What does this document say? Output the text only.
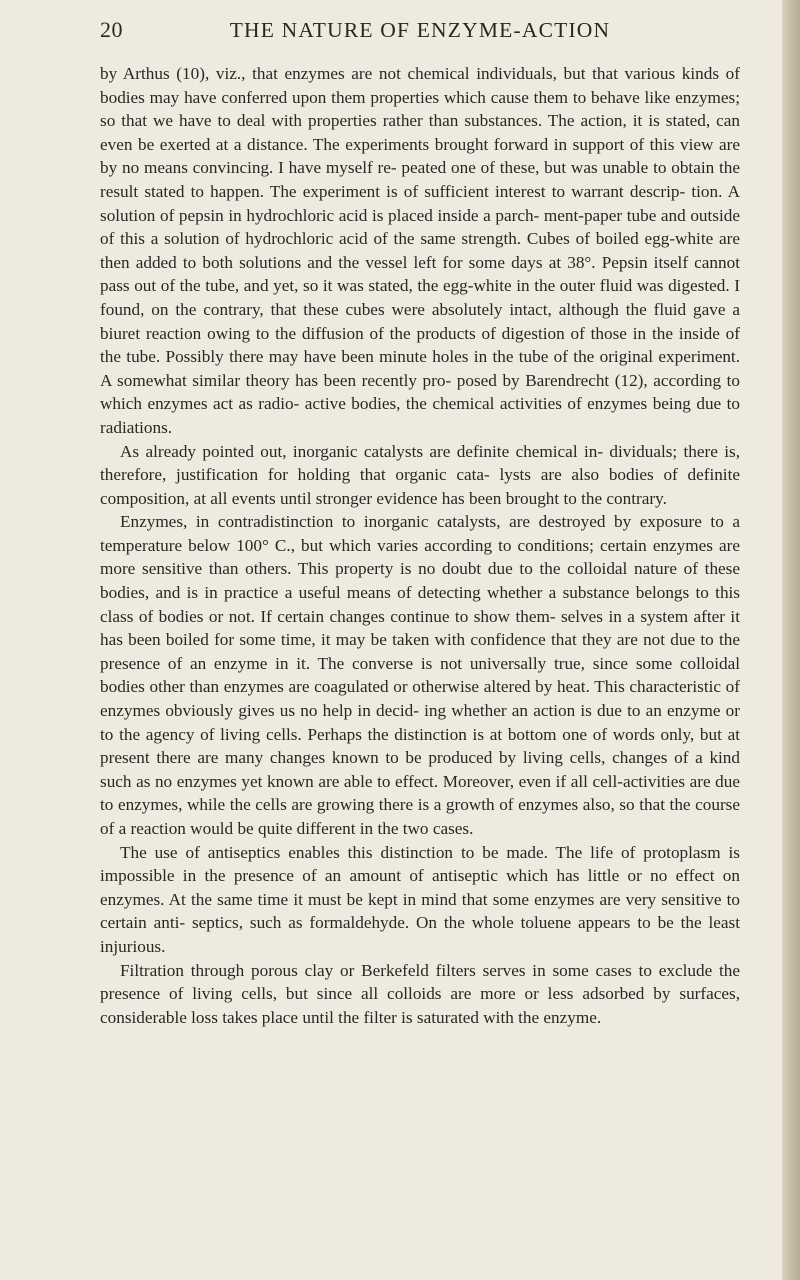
20	THE NATURE OF ENZYME-ACTION

by Arthus (10), viz., that enzymes are not chemical individuals, but that various kinds of bodies may have conferred upon them properties which cause them to behave like enzymes; so that we have to deal with properties rather than substances. The action, it is stated, can even be exerted at a distance. The experiments brought forward in support of this view are by no means convincing. I have myself re- peated one of these, but was unable to obtain the result stated to happen. The experiment is of sufficient interest to warrant descrip- tion. A solution of pepsin in hydrochloric acid is placed inside a parch- ment-paper tube and outside of this a solution of hydrochloric acid of the same strength. Cubes of boiled egg-white are then added to both solutions and the vessel left for some days at 38°. Pepsin itself cannot pass out of the tube, and yet, so it was stated, the egg-white in the outer fluid was digested. I found, on the contrary, that these cubes were absolutely intact, although the fluid gave a biuret reaction owing to the diffusion of the products of digestion of those in the inside of the tube. Possibly there may have been minute holes in the tube of the original experiment. A somewhat similar theory has been recently pro- posed by Barendrecht (12), according to which enzymes act as radio- active bodies, the chemical activities of enzymes being due to radiations.

As already pointed out, inorganic catalysts are definite chemical in- dividuals; there is, therefore, justification for holding that organic cata- lysts are also bodies of definite composition, at all events until stronger evidence has been brought to the contrary.

Enzymes, in contradistinction to inorganic catalysts, are destroyed by exposure to a temperature below 100° C., but which varies according to conditions; certain enzymes are more sensitive than others. This property is no doubt due to the colloidal nature of these bodies, and is in practice a useful means of detecting whether a substance belongs to this class of bodies or not. If certain changes continue to show them- selves in a system after it has been boiled for some time, it may be taken with confidence that they are not due to the presence of an enzyme in it. The converse is not universally true, since some colloidal bodies other than enzymes are coagulated or otherwise altered by heat. This characteristic of enzymes obviously gives us no help in decid- ing whether an action is due to an enzyme or to the agency of living cells. Perhaps the distinction is at bottom one of words only, but at present there are many changes known to be produced by living cells, changes of a kind such as no enzymes yet known are able to effect. Moreover, even if all cell-activities are due to enzymes, while the cells are growing there is a growth of enzymes also, so that the course of a reaction would be quite different in the two cases.

The use of antiseptics enables this distinction to be made. The life of protoplasm is impossible in the presence of an amount of antiseptic which has little or no effect on enzymes. At the same time it must be kept in mind that some enzymes are very sensitive to certain anti- septics, such as formaldehyde. On the whole toluene appears to be the least injurious.

Filtration through porous clay or Berkefeld filters serves in some cases to exclude the presence of living cells, but since all colloids are more or less adsorbed by surfaces, considerable loss takes place until the filter is saturated with the enzyme.
